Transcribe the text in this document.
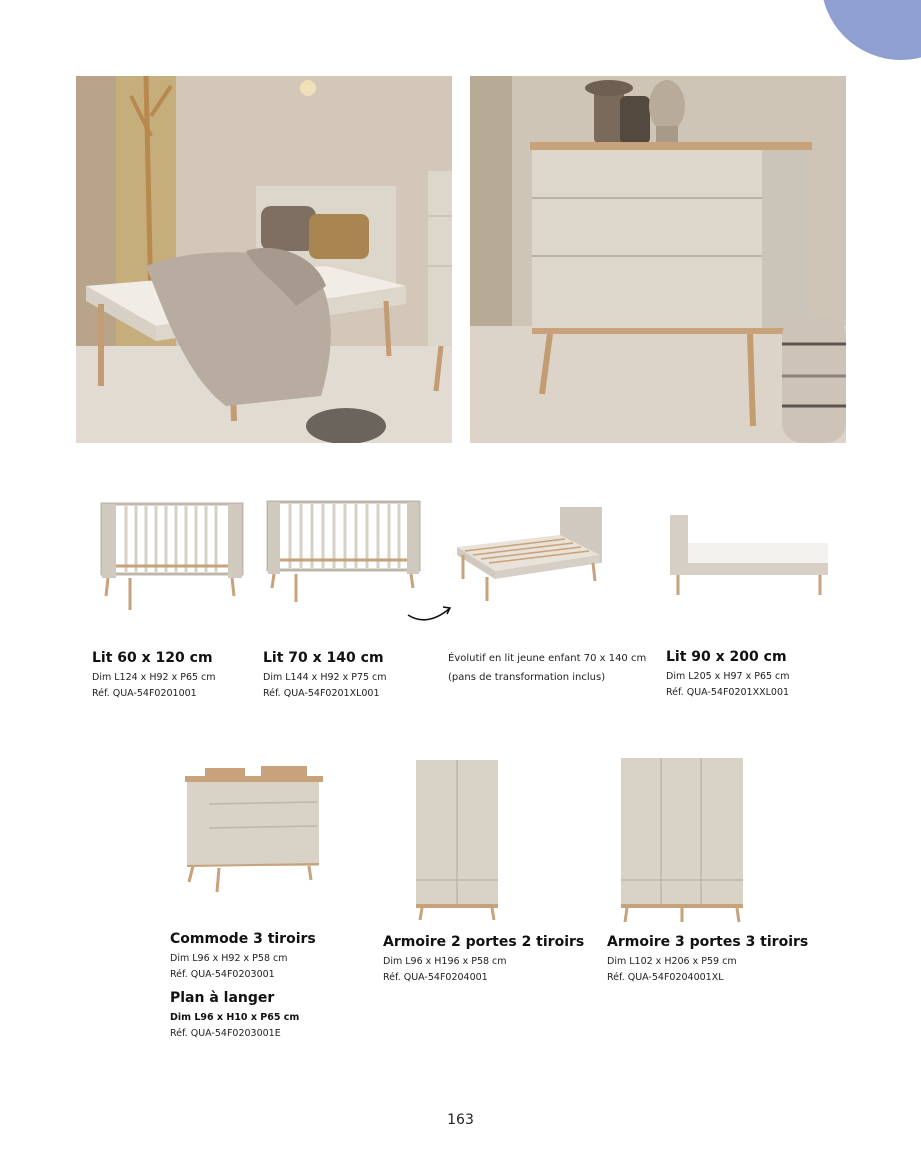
Lit 60 x 120 cm
Dim L124 x H92 x P65 cm
Réf. QUA-54F0201001
Lit 70 x 140 cm
Dim L144 x H92 x P75 cm
Réf. QUA-54F0201XL001
Évolutif en lit jeune enfant 70 x 140 cm
(pans de transformation inclus)
Lit 90 x 200 cm
Dim L205 x H97 x P65 cm
Réf. QUA-54F0201XXL001
Commode 3 tiroirs
Dim L96 x H92 x P58 cm
Réf. QUA-54F0203001
Plan à langer
Dim L96 x H10 x P65 cm
Réf. QUA-54F0203001E
Armoire 2 portes 2 tiroirs
Dim L96 x H196 x P58 cm
Réf. QUA-54F0204001
Armoire 3 portes 3 tiroirs
Dim L102 x H206 x P59 cm
Réf. QUA-54F0204001XL
163
